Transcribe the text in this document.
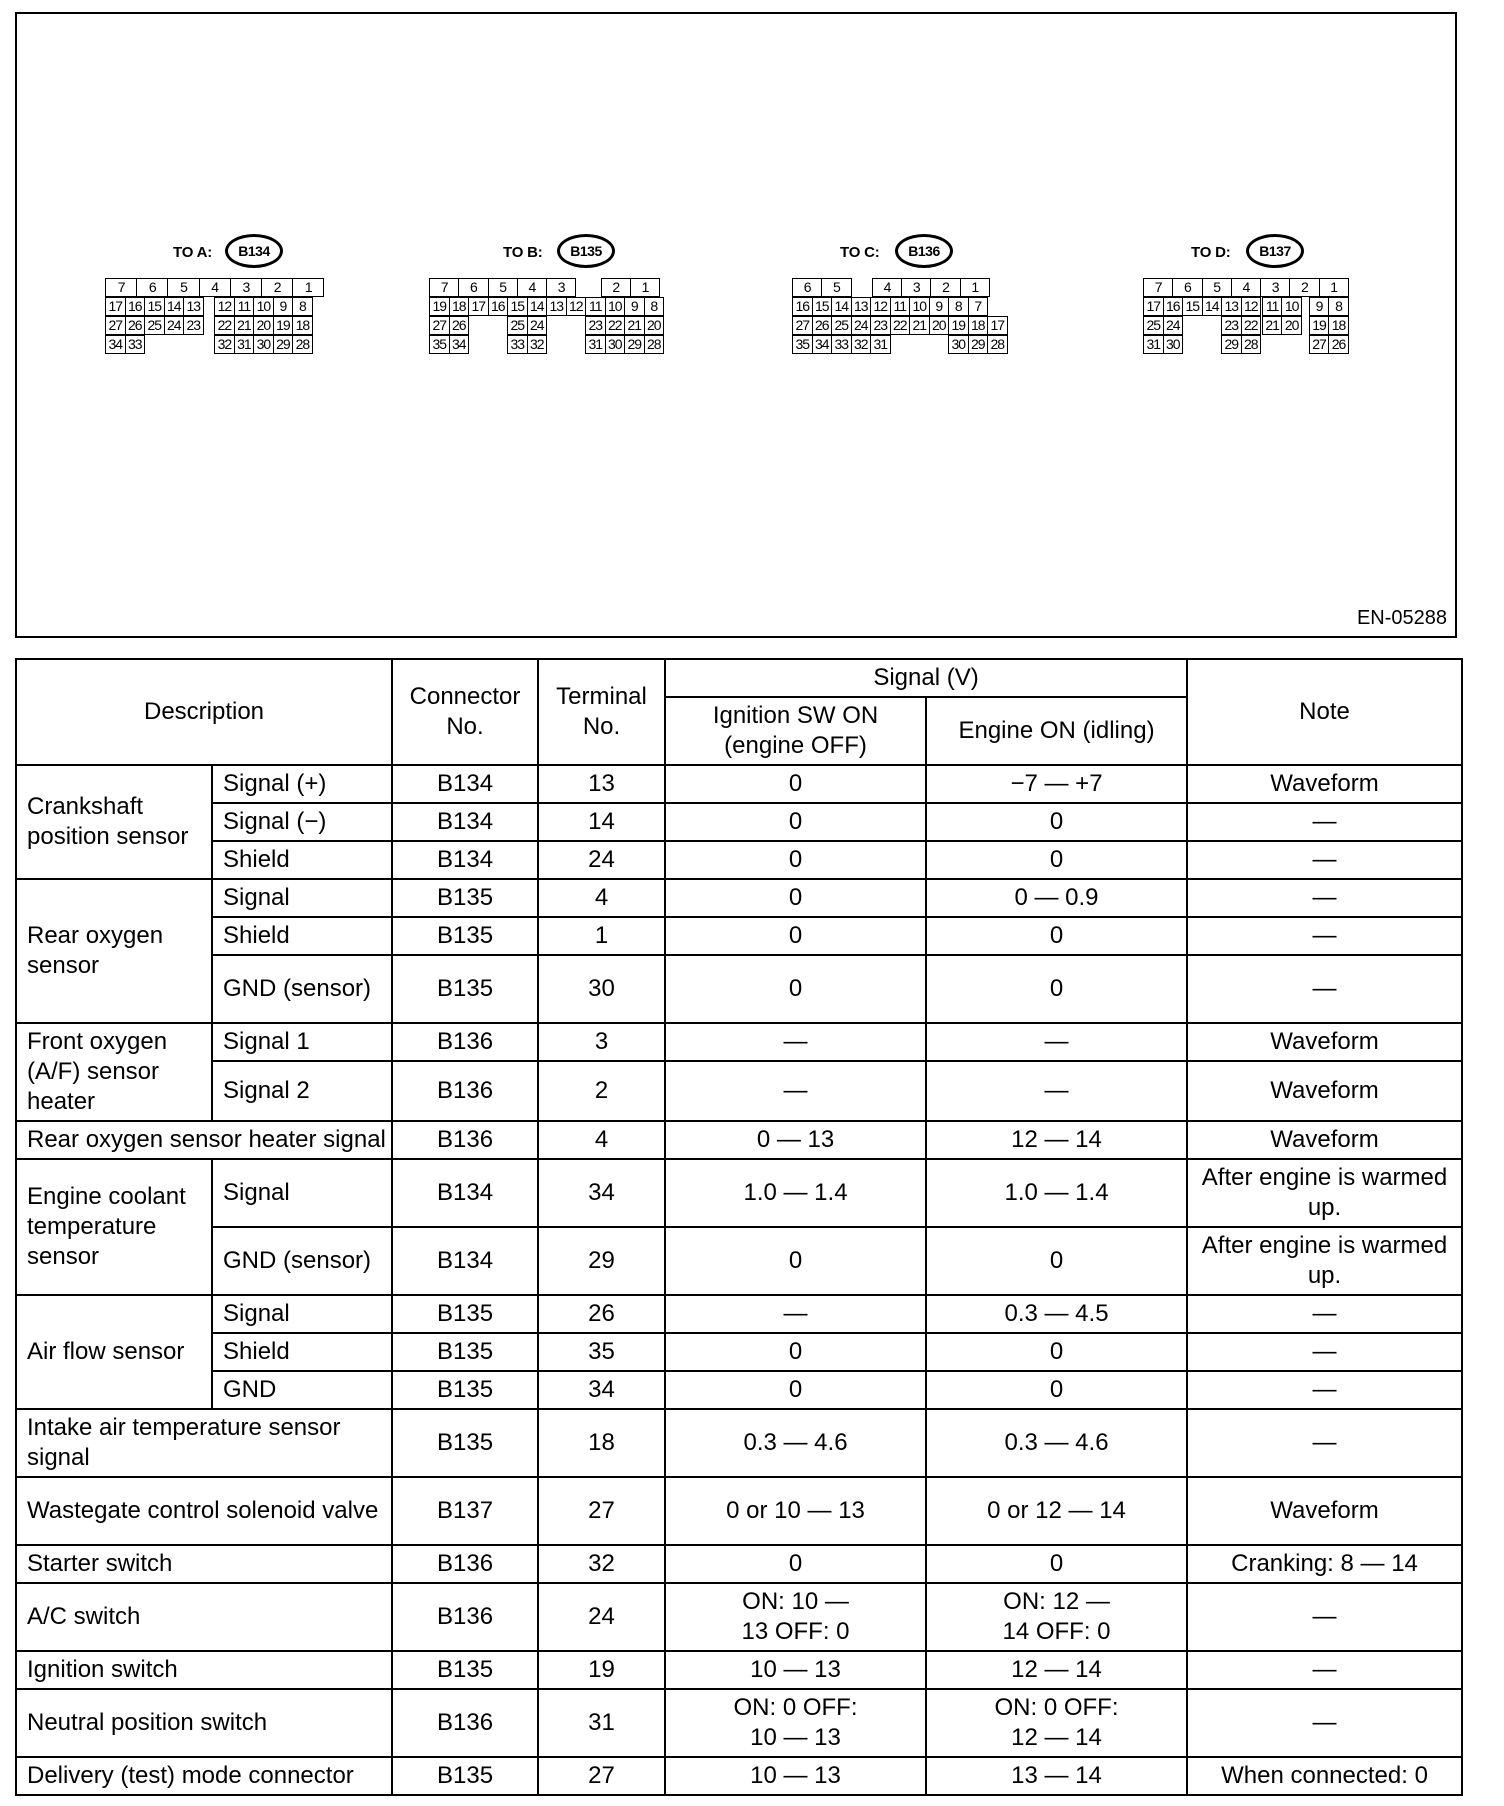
TO A:	B134
7	6	5	4	3	2	1
17 16 15 14 13 12 11 10 9 8
27 26 25 24 23 22 21 20 19 18
34 33	32 31 30 29 28
TO B:	B135
7	6	5	4	3	2	1
19 18 17 16 15 14 13 12 11 10 9 8
27 26	25 24	23 22 21 20
35 34	33 32	31 30 29 28
TO C:	B136
6	5	4	3	2	1
16 15 14 13 12 11 10 9 8 7
27 26 25 24 23 22 21 20 19 18 17
35 34 33 32 31	30 29 28
TO D:	B137
7	6	5	4	3	2	1
17 16 15 14 13 12 11 10	9 8
25 24	23 22 21 20 19 18
31 30	29 28	27 26
EN-05288
Description		Connector No.	Terminal No.	Signal (V)		Note
				Ignition SW ON (engine OFF)	Engine ON (idling)	
Crankshaft position sensor	Signal (+)	B134	13	0	−7 — +7	Waveform
	Signal (−)	B134	14	0	0	—
	Shield	B134	24	0	0	—
Rear oxygen sensor	Signal	B135	4	0	0 — 0.9	—
	Shield	B135	1	0	0	—
	GND (sensor)	B135	30	0	0	—
Front oxygen (A/F) sensor heater	Signal 1	B136	3	—	—	Waveform
	Signal 2	B136	2	—	—	Waveform
Rear oxygen sensor heater signal		B136	4	0 — 13	12 — 14	Waveform
Engine coolant temperature sensor	Signal	B134	34	1.0 — 1.4	1.0 — 1.4	After engine is warmed up.
	GND (sensor)	B134	29	0	0	After engine is warmed up.
Air flow sensor	Signal	B135	26	—	0.3 — 4.5	—
	Shield	B135	35	0	0	—
	GND	B135	34	0	0	—
Intake air temperature sensor signal		B135	18	0.3 — 4.6	0.3 — 4.6	—
Wastegate control solenoid valve		B137	27	0 or 10 — 13	0 or 12 — 14	Waveform
Starter switch		B136	32	0	0	Cranking: 8 — 14
A/C switch		B136	24	ON: 10 — 13 OFF: 0	ON: 12 — 14 OFF: 0	—
Ignition switch		B135	19	10 — 13	12 — 14	—
Neutral position switch		B136	31	ON: 0 OFF: 10 — 13	ON: 0 OFF: 12 — 14	—
Delivery (test) mode connector		B135	27	10 — 13	13 — 14	When connected: 0
